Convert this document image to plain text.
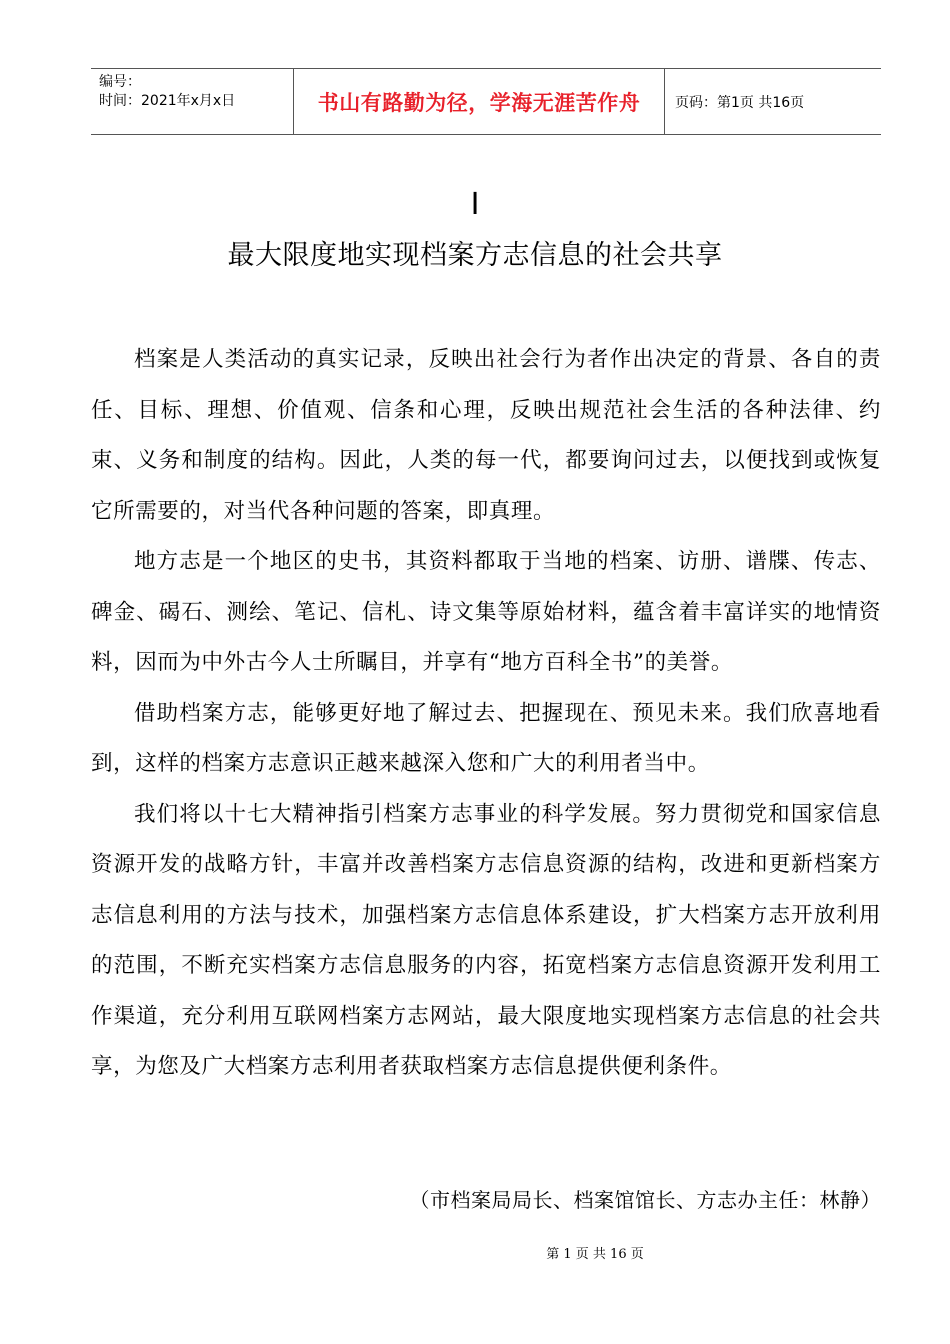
编号：
时间：2021年x月x日	书山有路勤为径，学海无涯苦作舟 页码：第1页 共16页
I
最大限度地实现档案方志信息的社会共享

档案是人类活动的真实记录，反映出社会行为者作出决定的背景、各自的责任、目标、理想、价值观、信条和心理，反映出规范社会生活的各种法律、约束、义务和制度的结构。因此，人类的每一代，都要询问过去，以便找到或恢复它所需要的，对当代各种问题的答案，即真理。

地方志是一个地区的史书，其资料都取于当地的档案、访册、谱牒、传志、碑金、碣石、测绘、笔记、信札、诗文集等原始材料，蕴含着丰富详实的地情资料，因而为中外古今人士所瞩目，并享有“地方百科全书”的美誉。

借助档案方志，能够更好地了解过去、把握现在、预见未来。我们欣喜地看到，这样的档案方志意识正越来越深入您和广大的利用者当中。

我们将以十七大精神指引档案方志事业的科学发展。努力贯彻党和国家信息资源开发的战略方针，丰富并改善档案方志信息资源的结构，改进和更新档案方志信息利用的方法与技术，加强档案方志信息体系建设，扩大档案方志开放利用的范围，不断充实档案方志信息服务的内容，拓宽档案方志信息资源开发利用工作渠道，充分利用互联网档案方志网站，最大限度地实现档案方志信息的社会共享，为您及广大档案方志利用者获取档案方志信息提供便利条件。

（市档案局局长、档案馆馆长、方志办主任：林静）
第 1 页 共 16 页
